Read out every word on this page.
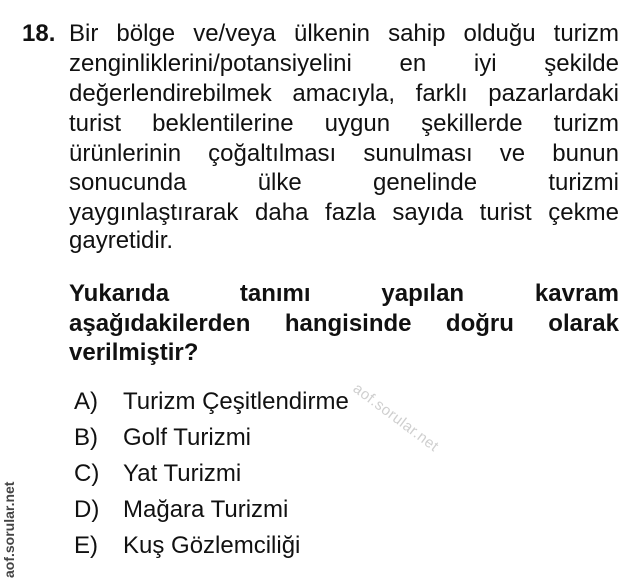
18. Bir bölge ve/veya ülkenin sahip olduğu turizm
zenginliklerini/potansiyelini en iyi şekilde
değerlendirebilmek amacıyla, farklı pazarlardaki
turist beklentilerine uygun şekillerde turizm
ürünlerinin çoğaltılması sunulması ve bunun
sonucunda ülke genelinde turizmi
yaygınlaştırarak daha fazla sayıda turist çekme
gayretidir.
Yukarıda tanımı yapılan kavram
aşağıdakilerden hangisinde doğru olarak
verilmiştir?
A)	Turizm Çeşitlendirme
B)	Golf Turizmi
C) Yat Turizmi
D) Mağara Turizmi
E)	Kuş Gözlemciliği
aof.sorular.net
aof.sorular.net
